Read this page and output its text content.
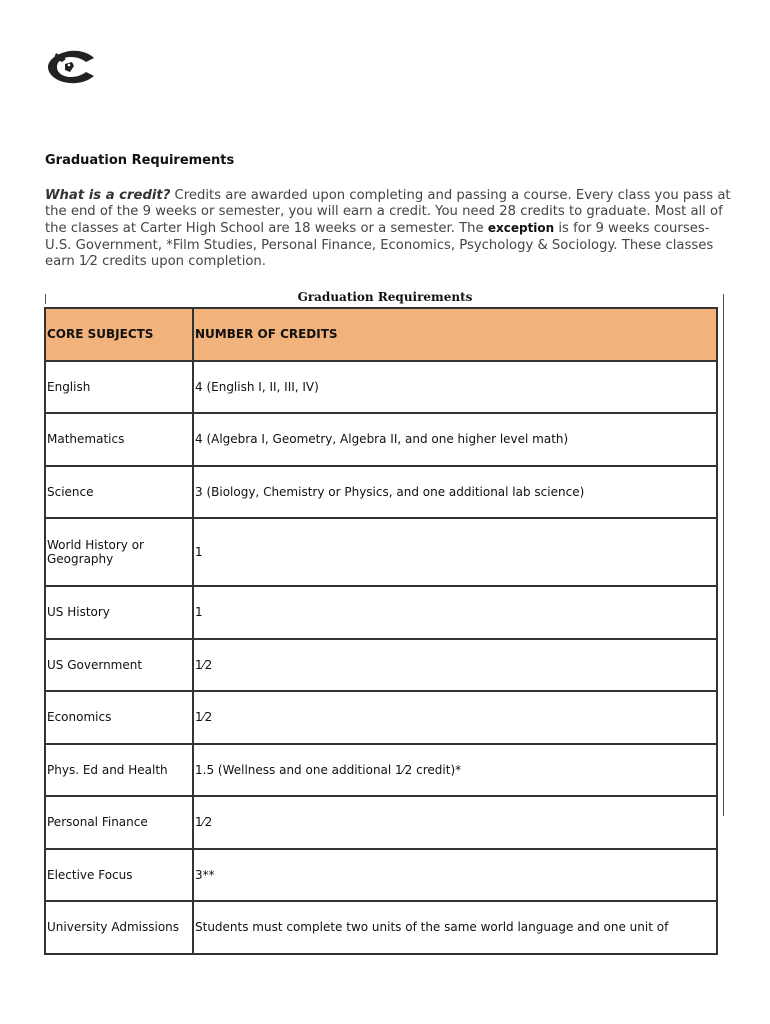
Graduation Requirements

What is a credit? Credits are awarded upon completing and passing a course. Every class you pass at the end of the 9 weeks or semester, you will earn a credit. You need 28 credits to graduate. Most all of the classes at Carter High School are 18 weeks or a semester. The exception is for 9 weeks courses- U.S. Government, *Film Studies, Personal Finance, Economics, Psychology & Sociology. These classes earn 1⁄2 credits upon completion.

Graduation Requirements
CORE SUBJECTS	NUMBER OF CREDITS
English	4 (English I, II, III, IV)
Mathematics	4 (Algebra I, Geometry, Algebra II, and one higher level math)
Science	3 (Biology, Chemistry or Physics, and one additional lab science)
World History or Geography	1
US History	1
US Government	1⁄2
Economics	1⁄2
Phys. Ed and Health	1.5 (Wellness and one additional 1⁄2 credit)*
Personal Finance	1⁄2
Elective Focus	3**
University Admissions	Students must complete two units of the same world language and one unit of
